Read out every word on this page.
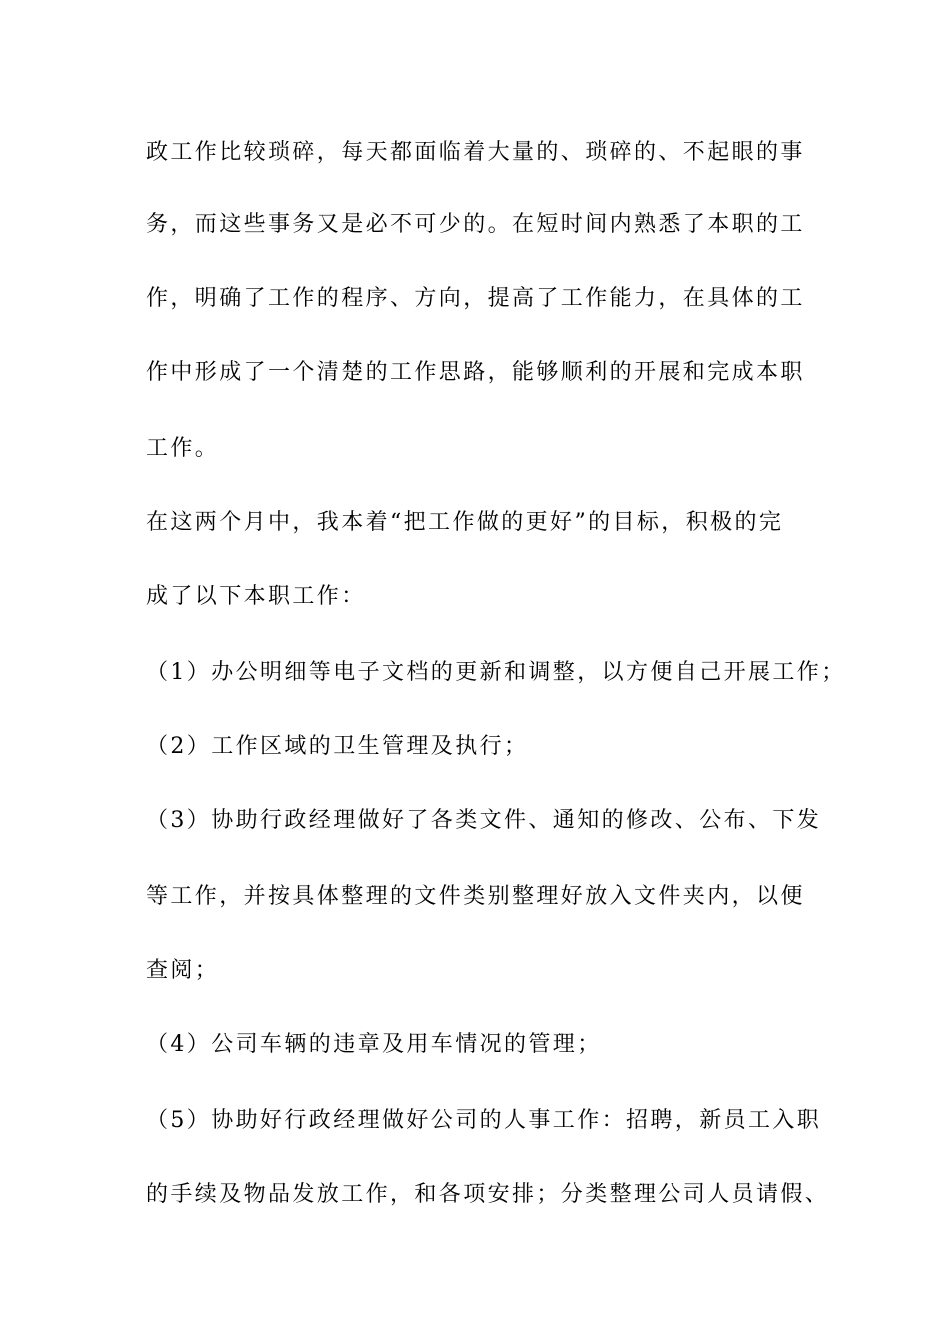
政工作比较琐碎，每天都面临着大量的、琐碎的、不起眼的事
务，而这些事务又是必不可少的。在短时间内熟悉了本职的工
作，明确了工作的程序、方向，提高了工作能力，在具体的工
作中形成了一个清楚的工作思路，能够顺利的开展和完成本职
工作。
在这两个月中，我本着“把工作做的更好”的目标，积极的完
成了以下本职工作：
（1）办公明细等电子文档的更新和调整，以方便自己开展工作；
（2）工作区域的卫生管理及执行；
（3）协助行政经理做好了各类文件、通知的修改、公布、下发
等工作，并按具体整理的文件类别整理好放入文件夹内，以便
查阅；
（4）公司车辆的违章及用车情况的管理；
（5）协助好行政经理做好公司的人事工作：招聘，新员工入职
的手续及物品发放工作，和各项安排；分类整理公司人员请假、
